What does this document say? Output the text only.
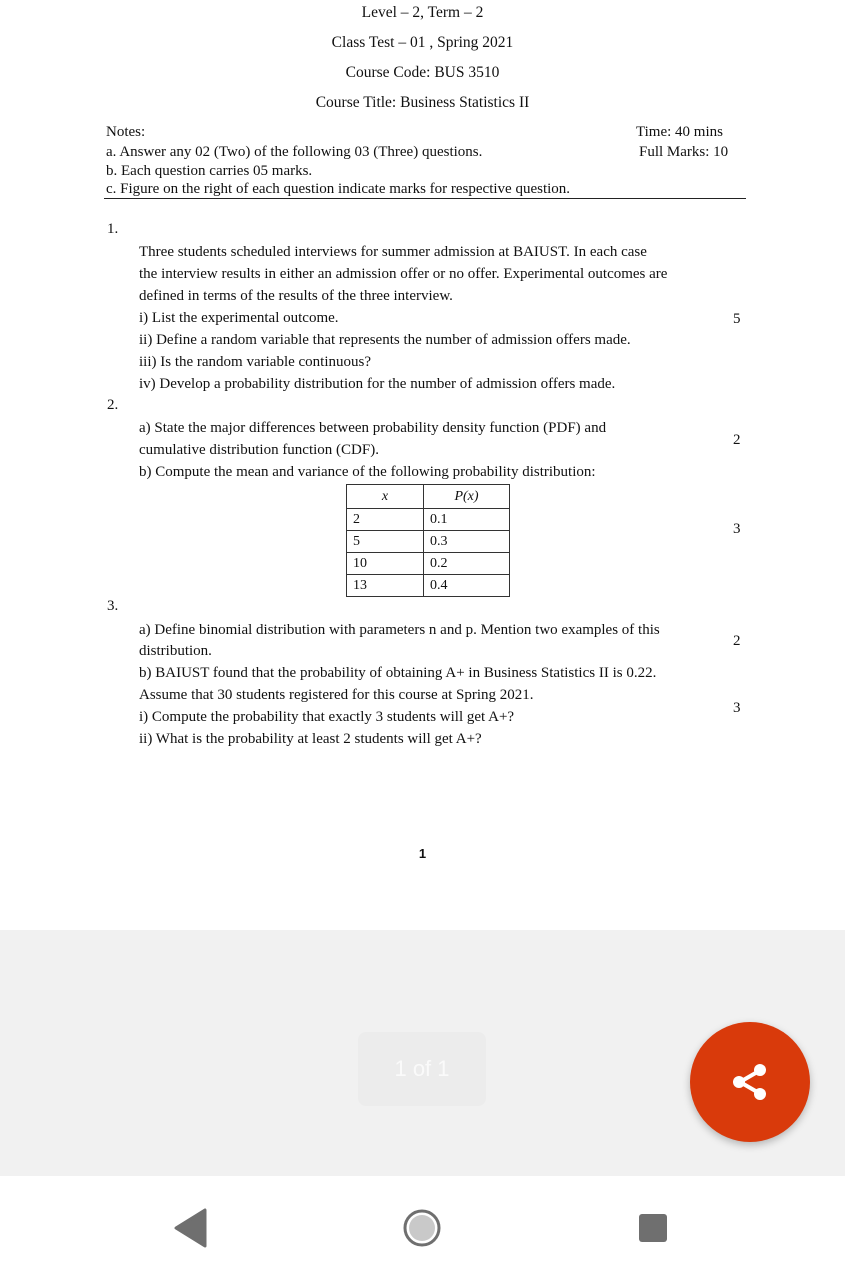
Level – 2, Term – 2
Class Test – 01 , Spring 2021
Course Code: BUS 3510
Course Title: Business Statistics II
Notes:
a. Answer any 02 (Two) of the following 03 (Three) questions.
b. Each question carries 05 marks.
c. Figure on the right of each question indicate marks for respective question.
Time: 40 mins
Full Marks: 10
1.
Three students scheduled interviews for summer admission at BAIUST. In each case
the interview results in either an admission offer or no offer. Experimental outcomes are
defined in terms of the results of the three interview.
i) List the experimental outcome.
ii) Define a random variable that represents the number of admission offers made.
iii) Is the random variable continuous?
iv) Develop a probability distribution for the number of admission offers made.
5
2.
a) State the major differences between probability density function (PDF) and
cumulative distribution function (CDF).
2
b) Compute the mean and variance of the following probability distribution:
3
x	P(x)
2	0.1
5	0.3
10	0.2
13	0.4
3.
a) Define binomial distribution with parameters n and p. Mention two examples of this
distribution.
2
b) BAIUST found that the probability of obtaining A+ in Business Statistics II is 0.22.
Assume that 30 students registered for this course at Spring 2021.
i) Compute the probability that exactly 3 students will get A+?
ii) What is the probability at least 2 students will get A+?
3
1
1 of 1
